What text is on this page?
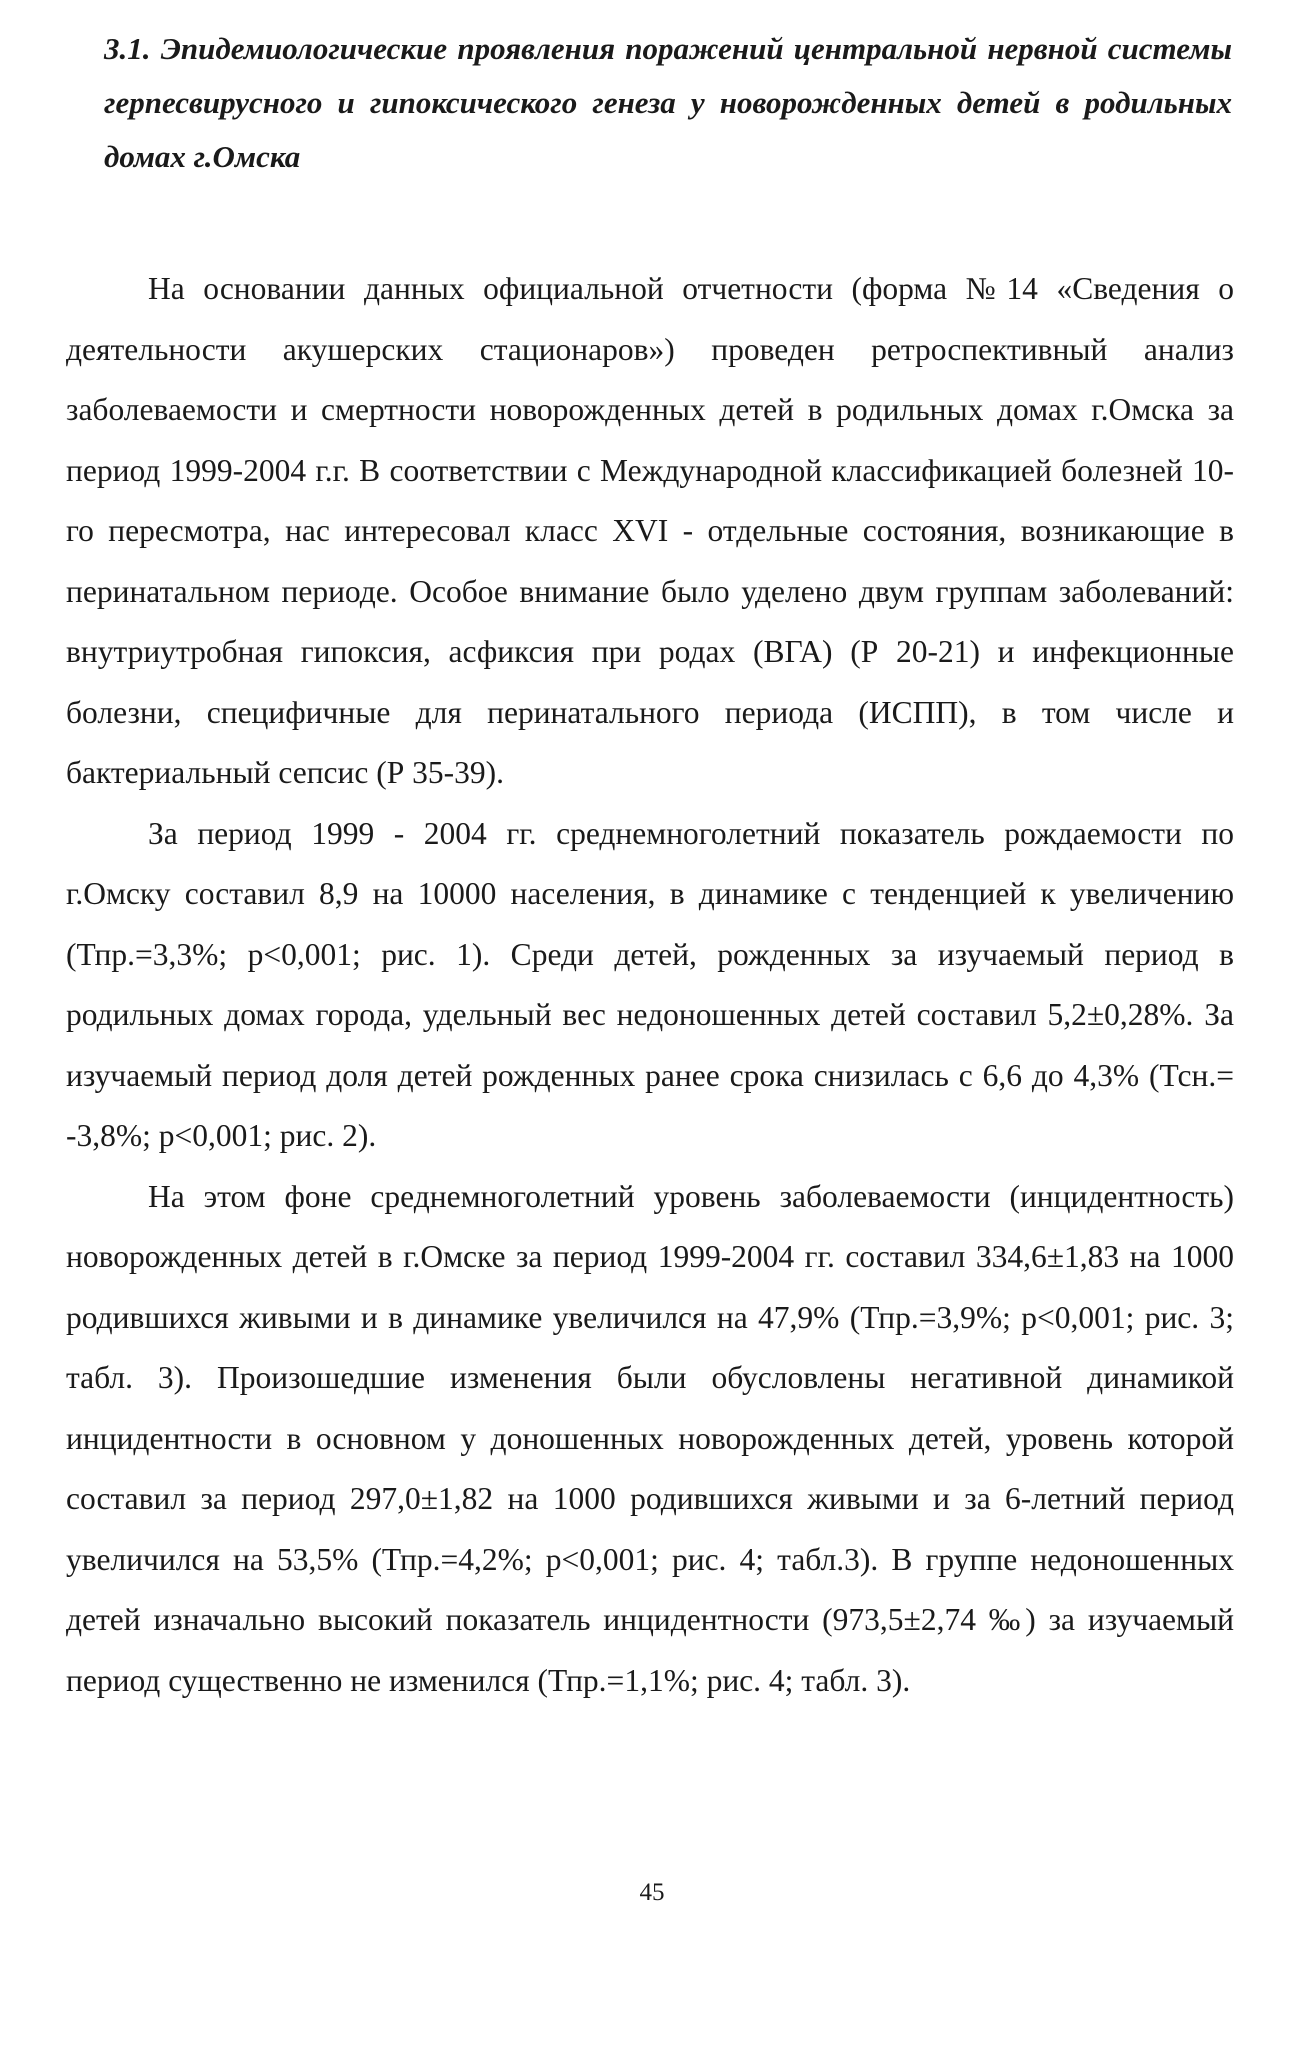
3.1. Эпидемиологические проявления поражений центральной нервной системы герпесвирусного и гипоксического генеза у новорожденных детей в родильных домах г.Омска

На основании данных официальной отчетности (форма №14 «Сведения о деятельности акушерских стационаров») проведен ретроспективный анализ заболеваемости и смертности новорожденных детей в родильных домах г.Омска за период 1999-2004 г.г. В соответствии с Международной классификацией болезней 10-го пересмотра, нас интересовал класс XVI - отдельные состояния, возникающие в перинатальном периоде. Особое внимание было уделено двум группам заболеваний: внутриутробная гипоксия, асфиксия при родах (ВГА) (Р 20-21) и инфекционные болезни, специфичные для перинатального периода (ИСПП), в том числе и бактериальный сепсис (Р 35-39).

За период 1999 - 2004 гг. среднемноголетний показатель рождаемости по г.Омску составил 8,9 на 10000 населения, в динамике с тенденцией к увеличению (Тпр.=3,3%; р<0,001; рис. 1). Среди детей, рожденных за изучаемый период в родильных домах города, удельный вес недоношенных детей составил 5,2±0,28%. За изучаемый период доля детей рожденных ранее срока снизилась с 6,6 до 4,3% (Тсн.= -3,8%; р<0,001; рис. 2).

На этом фоне среднемноголетний уровень заболеваемости (инцидентность) новорожденных детей в г.Омске за период 1999-2004 гг. составил 334,6±1,83 на 1000 родившихся живыми и в динамике увеличился на 47,9% (Тпр.=3,9%; р<0,001; рис. 3; табл. 3). Произошедшие изменения были обусловлены негативной динамикой инцидентности в основном у доношенных новорожденных детей, уровень которой составил за период 297,0±1,82 на 1000 родившихся живыми и за 6-летний период увеличился на 53,5% (Тпр.=4,2%; р<0,001; рис. 4; табл.3). В группе недоношенных детей изначально высокий показатель инцидентности (973,5±2,74 ‰) за изучаемый период существенно не изменился (Тпр.=1,1%; рис. 4; табл. 3).

45
